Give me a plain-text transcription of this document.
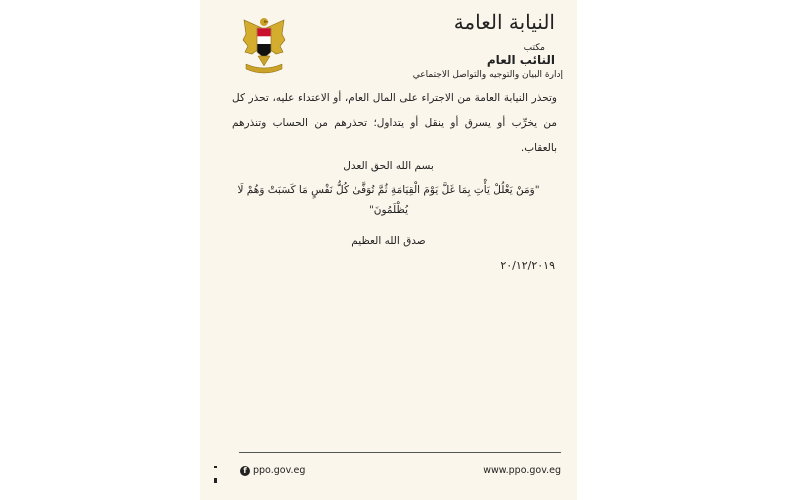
النيابة العامة
مكتب
النائب العام
إدارة البيان والتوجيه والتواصل الاجتماعي
وتحذر النيابة العامة من الاجتراء على المال العام، أو الاعتداء عليه، تحذر كل من يخرِّب أو يسرق أو ينقل أو يتداول؛ تحذرهم من الحساب وتنذرهم بالعقاب.
بسم الله الحق العدل
"وَمَنْ يَغْلُلْ يَأْتِ بِمَا غَلَّ يَوْمَ الْقِيَامَةِ ثُمَّ تُوَفَّىٰ كُلُّ نَفْسٍ مَا كَسَبَتْ وَهُمْ لَا يُظْلَمُونَ"
صدق الله العظيم
٢٠/١٢/٢٠١٩
f ppo.gov.eg	www.ppo.gov.eg
